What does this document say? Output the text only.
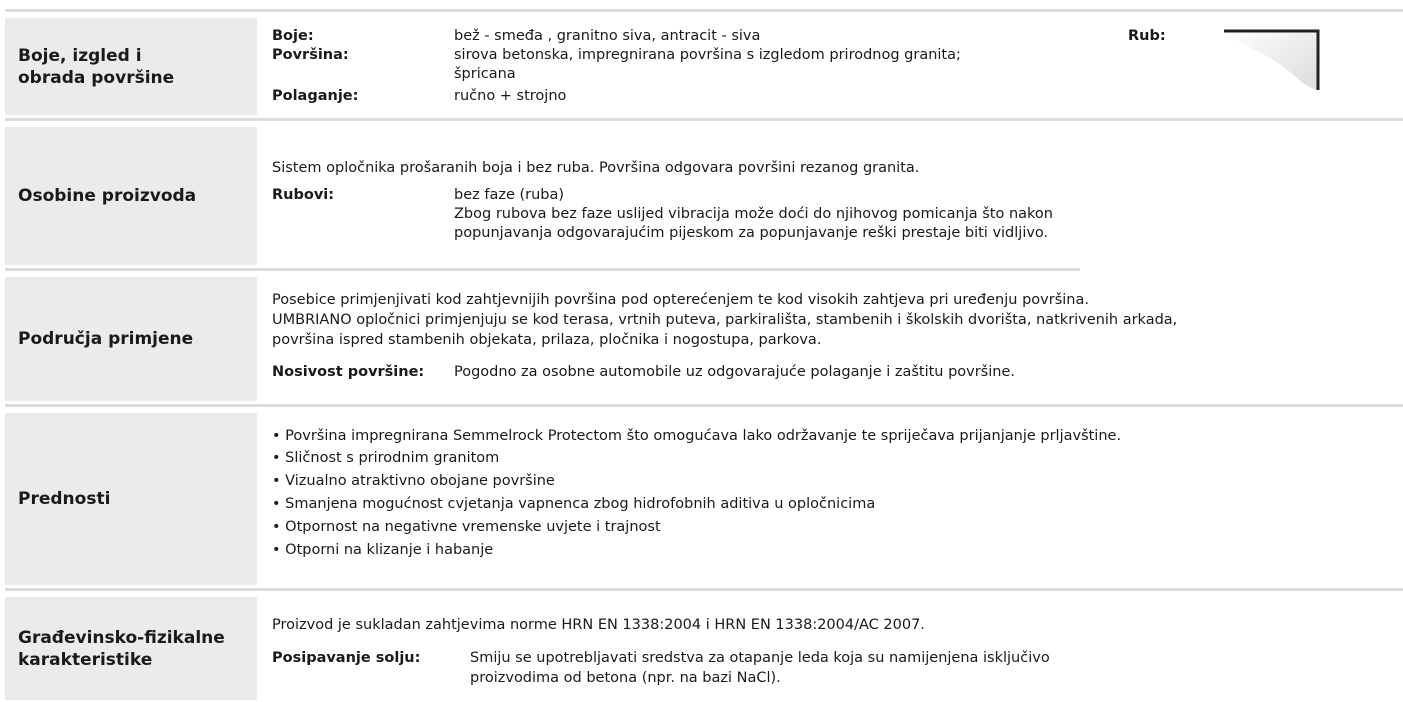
Boje, izgled i
obrada površine
Boje:	bež - smeđa , granitno siva, antracit - siva
Površina:	sirova betonska, impregnirana površina s izgledom prirodnog granita;
špricana
Polaganje:	ručno + strojno
Rub:
Osobine proizvoda
Sistem opločnika prošaranih boja i bez ruba. Površina odgovara površini rezanog granita.
Rubovi:	bez faze (ruba)
Zbog rubova bez faze uslijed vibracija može doći do njihovog pomicanja što nakon
popunjavanja odgovarajućim pijeskom za popunjavanje reški prestaje biti vidljivo.
Područja primjene
Posebice primjenjivati kod zahtjevnijih površina pod opterećenjem te kod visokih zahtjeva pri uređenju površina.
UMBRIANO opločnici primjenjuju se kod terasa, vrtnih puteva, parkirališta, stambenih i školskih dvorišta, natkrivenih arkada,
površina ispred stambenih objekata, prilaza, pločnika i nogostupa, parkova.
Nosivost površine: Pogodno za osobne automobile uz odgovarajuće polaganje i zaštitu površine.
Prednosti
• Površina impregnirana Semmelrock Protectom što omogućava lako održavanje te spriječava prijanjanje prljavštine.
• Sličnost s prirodnim granitom
• Vizualno atraktivno obojane površine
• Smanjena mogućnost cvjetanja vapnenca zbog hidrofobnih aditiva u opločnicima
• Otpornost na negativne vremenske uvjete i trajnost
• Otporni na klizanje i habanje
Građevinsko-fizikalne
karakteristike
Proizvod je sukladan zahtjevima norme HRN EN 1338:2004 i HRN EN 1338:2004/AC 2007.
Posipavanje solju:	Smiju se upotrebljavati sredstva za otapanje leda koja su namijenjena isključivo
proizvodima od betona (npr. na bazi NaCl).
